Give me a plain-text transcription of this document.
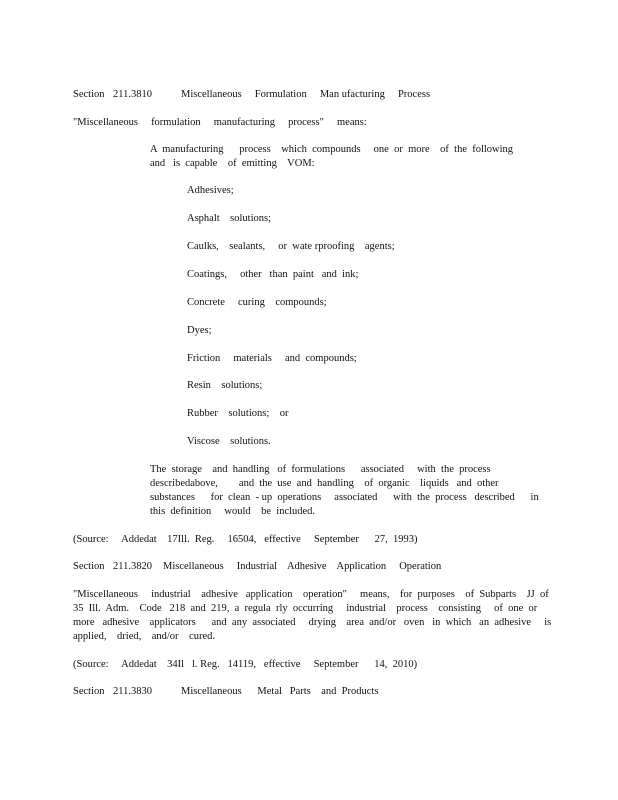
Section 211.3810	Miscellaneous     Formulation     Man ufacturing     Process
"Miscellaneous     formulation     manufacturing     process"     means:
A  manufacturing      process    which  compounds     one  or  more    of  the  following
and   is  capable    of  emitting    VOM:
Adhesives;
Asphalt    solutions;
Caulks,    sealants,     or  wate rproofing    agents;
Coatings,     other   than  paint   and  ink;
Concrete     curing    compounds;
Dyes;
Friction     materials     and  compounds;
Resin    solutions;
Rubber    solutions;    or
Viscose    solutions.
The  storage    and  handling   of  formulations      associated     with  the  process
describedabove,        and  the  use  and  handling    of  organic    liquids   and  other
substances      for  clean  - up  operations     associated      with  the  process   described      in
this  definition     would    be  included.
(Source:     Addedat    17Ill.  Reg.     16504,   effective     September      27,  1993)
Section 211.3820 Miscellaneous     Industrial    Adhesive    Application     Operation
"Miscellaneous     industrial    adhesive   application    operation"     means,    for  purposes    of  Subparts    JJ  of
35  Ill.  Adm.    Code   218  and  219,  a  regula  rly  occurring     industrial    process    consisting     of  one  or
more   adhesive    applicators      and  any  associated     drying    area  and/or   oven   in  which   an  adhesive     is
applied,    dried,    and/or    cured.
(Source:     Addedat    34Il   l. Reg.   14119,   effective     September      14,  2010)
Section 211.3830	Miscellaneous      Metal   Parts    and  Products
